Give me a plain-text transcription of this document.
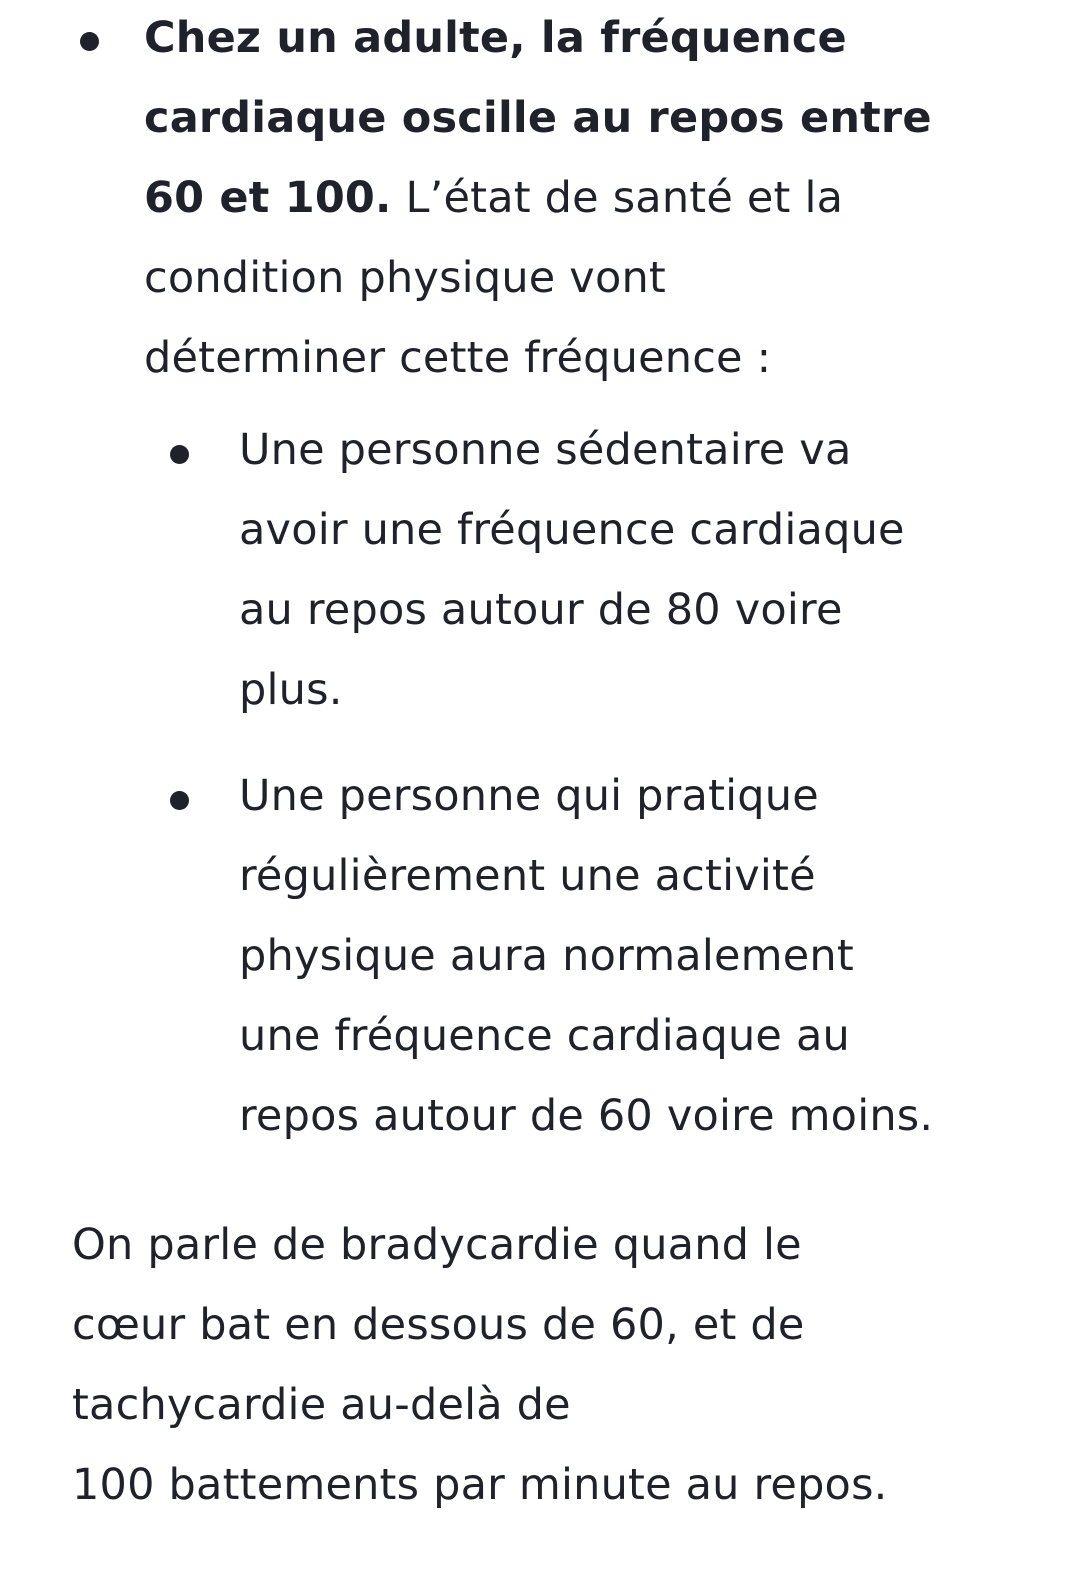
Chez un adulte, la fréquence
cardiaque oscille au repos entre
60 et 100. L’état de santé et la
condition physique vont
déterminer cette fréquence :
Une personne sédentaire va
avoir une fréquence cardiaque
au repos autour de 80 voire
plus.
Une personne qui pratique
régulièrement une activité
physique aura normalement
une fréquence cardiaque au
repos autour de 60 voire moins.

On parle de bradycardie quand le
cœur bat en dessous de 60, et de
tachycardie au-delà de
100 battements par minute au repos.
